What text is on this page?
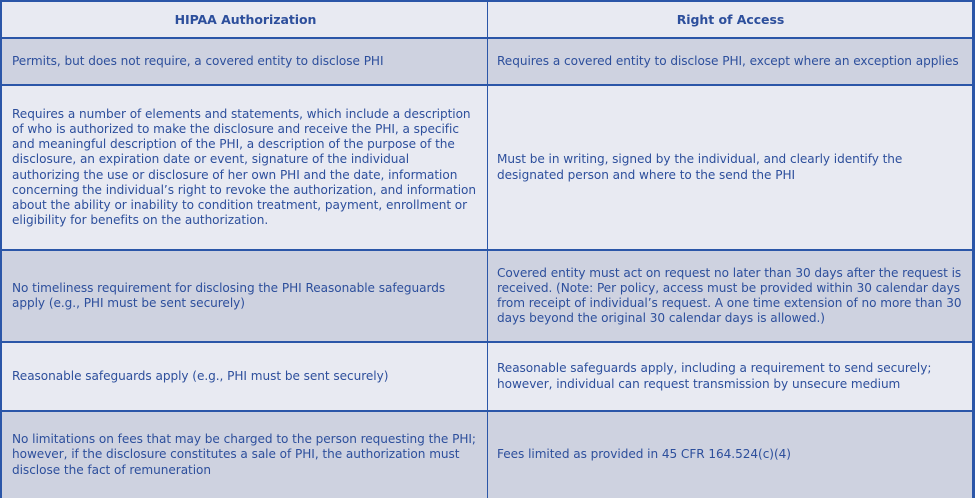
HIPAA Authorization	Right of Access
Permits, but does not require, a covered entity to disclose PHI	Requires a covered entity to disclose PHI, except where an exception applies
Requires a number of elements and statements, which include a description of who is authorized to make the disclosure and receive the PHI, a specific and meaningful description of the PHI, a description of the purpose of the disclosure, an expiration date or event, signature of the individual authorizing the use or disclosure of her own PHI and the date, information concerning the individual’s right to revoke the authorization, and information about the ability or inability to condition treatment, payment, enrollment or eligibility for benefits on the authorization.
Must be in writing, signed by the individual, and clearly identify the designated person and where to the send the PHI
No timeliness requirement for disclosing the PHI Reasonable safeguards apply (e.g., PHI must be sent securely)
Covered entity must act on request no later than 30 days after the request is received. (Note: Per policy, access must be provided within 30 calendar days from receipt of individual’s request. A one time extension of no more than 30 days beyond the original 30 calendar days is allowed.)
Reasonable safeguards apply (e.g., PHI must be sent securely)
Reasonable safeguards apply, including a requirement to send securely; however, individual can request transmission by unsecure medium
No limitations on fees that may be charged to the person requesting the PHI; however, if the disclosure constitutes a sale of PHI, the authorization must disclose the fact of remuneration
Fees limited as provided in 45 CFR 164.524(c)(4)
